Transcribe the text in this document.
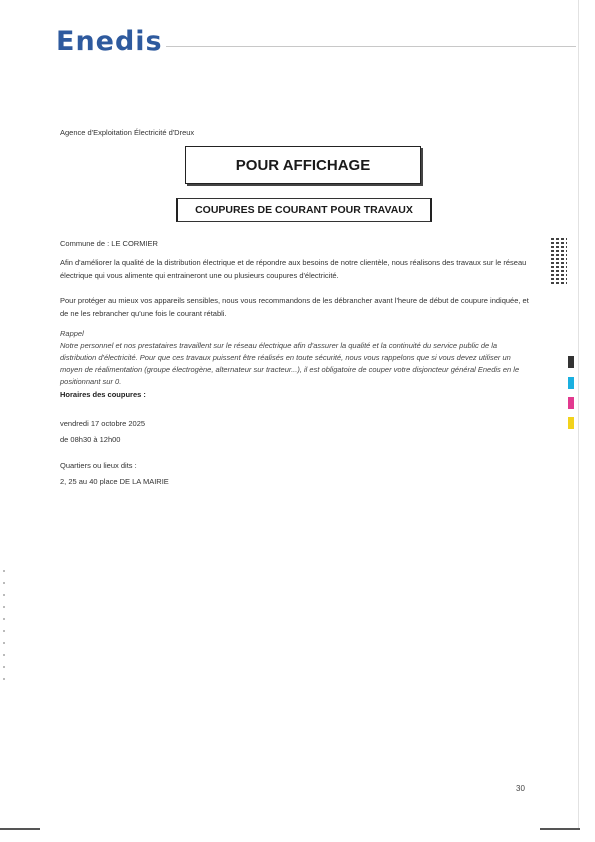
Enedis
Agence d'Exploitation Électricité d'Dreux
POUR AFFICHAGE
COUPURES DE COURANT POUR TRAVAUX
Commune de : LE CORMIER
Afin d'améliorer la qualité de la distribution électrique et de répondre aux besoins de notre clientèle, nous réalisons des travaux sur le réseau électrique qui vous alimente qui entraineront une ou plusieurs coupures d'électricité.
Pour protéger au mieux vos appareils sensibles, nous vous recommandons de les débrancher avant l'heure de début de coupure indiquée, et de ne les rebrancher qu'une fois le courant rétabli.
Rappel
Notre personnel et nos prestataires travaillent sur le réseau électrique afin d'assurer la qualité et la continuité du service public de la distribution d'électricité. Pour que ces travaux puissent être réalisés en toute sécurité, nous vous rappelons que si vous devez utiliser un moyen de réalimentation (groupe électrogène, alternateur sur tracteur...), il est obligatoire de couper votre disjoncteur général Enedis en le positionnant sur 0.
Horaires des coupures :
vendredi 17 octobre 2025
de 08h30 à 12h00
Quartiers ou lieux dits :
2, 25 au 40 place DE LA MAIRIE
30
